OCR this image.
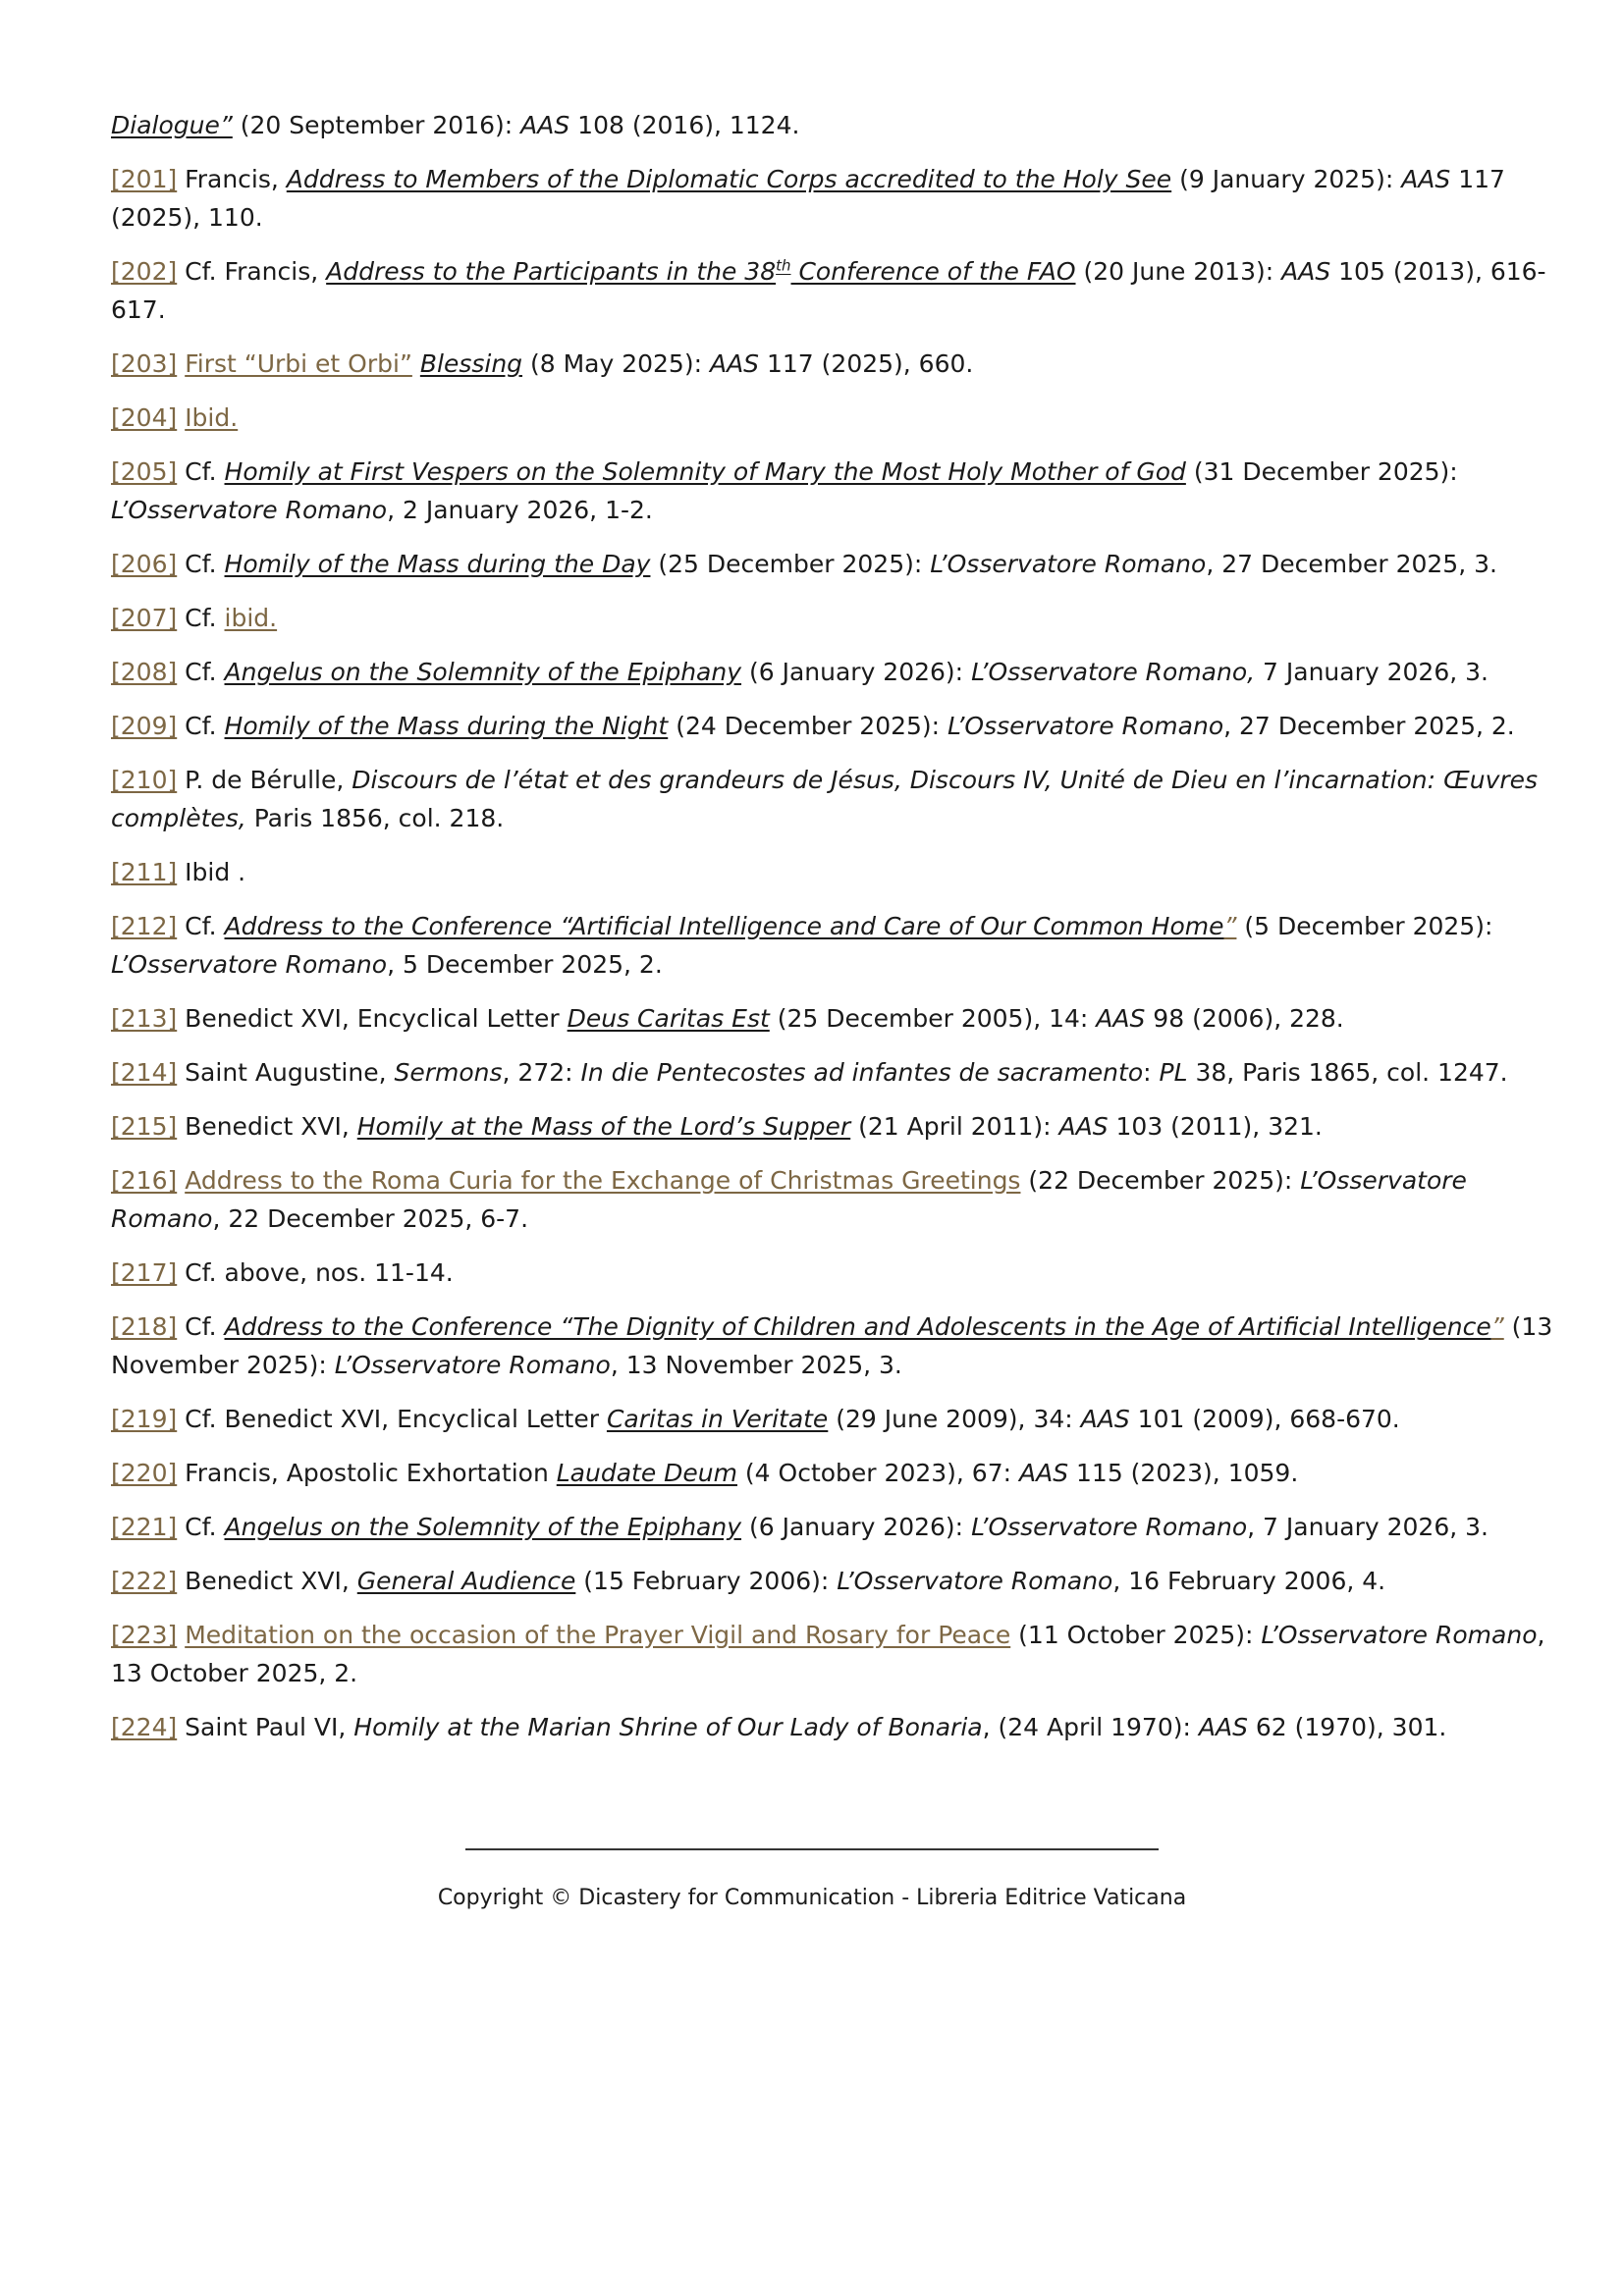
Dialogue” (20 September 2016): AAS 108 (2016), 1124.

[201] Francis, Address to Members of the Diplomatic Corps accredited to the Holy See (9 January 2025): AAS 117 (2025), 110.

[202] Cf. Francis, Address to the Participants in the 38th Conference of the FAO (20 June 2013): AAS 105 (2013), 616-617.

[203] First “Urbi et Orbi” Blessing (8 May 2025): AAS 117 (2025), 660.

[204] Ibid.

[205] Cf. Homily at First Vespers on the Solemnity of Mary the Most Holy Mother of God (31 December 2025): L’Osservatore Romano, 2 January 2026, 1-2.

[206] Cf. Homily of the Mass during the Day (25 December 2025): L’Osservatore Romano, 27 December 2025, 3.

[207] Cf. ibid.

[208] Cf. Angelus on the Solemnity of the Epiphany (6 January 2026): L’Osservatore Romano, 7 January 2026, 3.

[209] Cf. Homily of the Mass during the Night (24 December 2025): L’Osservatore Romano, 27 December 2025, 2.

[210] P. de Bérulle, Discours de l’état et des grandeurs de Jésus, Discours IV, Unité de Dieu en l’incarnation: Œuvres complètes, Paris 1856, col. 218.

[211] Ibid .

[212] Cf. Address to the Conference “Artificial Intelligence and Care of Our Common Home” (5 December 2025): L’Osservatore Romano, 5 December 2025, 2.

[213] Benedict XVI, Encyclical Letter Deus Caritas Est (25 December 2005), 14: AAS 98 (2006), 228.

[214] Saint Augustine, Sermons, 272: In die Pentecostes ad infantes de sacramento: PL 38, Paris 1865, col. 1247.

[215] Benedict XVI, Homily at the Mass of the Lord’s Supper (21 April 2011): AAS 103 (2011), 321.

[216] Address to the Roma Curia for the Exchange of Christmas Greetings (22 December 2025): L’Osservatore Romano, 22 December 2025, 6-7.

[217] Cf. above, nos. 11-14.

[218] Cf. Address to the Conference “The Dignity of Children and Adolescents in the Age of Artificial Intelligence” (13 November 2025): L’Osservatore Romano, 13 November 2025, 3.

[219] Cf. Benedict XVI, Encyclical Letter Caritas in Veritate (29 June 2009), 34: AAS 101 (2009), 668-670.

[220] Francis, Apostolic Exhortation Laudate Deum (4 October 2023), 67: AAS 115 (2023), 1059.

[221] Cf. Angelus on the Solemnity of the Epiphany (6 January 2026): L’Osservatore Romano, 7 January 2026, 3.

[222] Benedict XVI, General Audience (15 February 2006): L’Osservatore Romano, 16 February 2006, 4.

[223] Meditation on the occasion of the Prayer Vigil and Rosary for Peace (11 October 2025): L’Osservatore Romano, 13 October 2025, 2.

[224] Saint Paul VI, Homily at the Marian Shrine of Our Lady of Bonaria, (24 April 1970): AAS 62 (1970), 301.

Copyright © Dicastery for Communication - Libreria Editrice Vaticana
